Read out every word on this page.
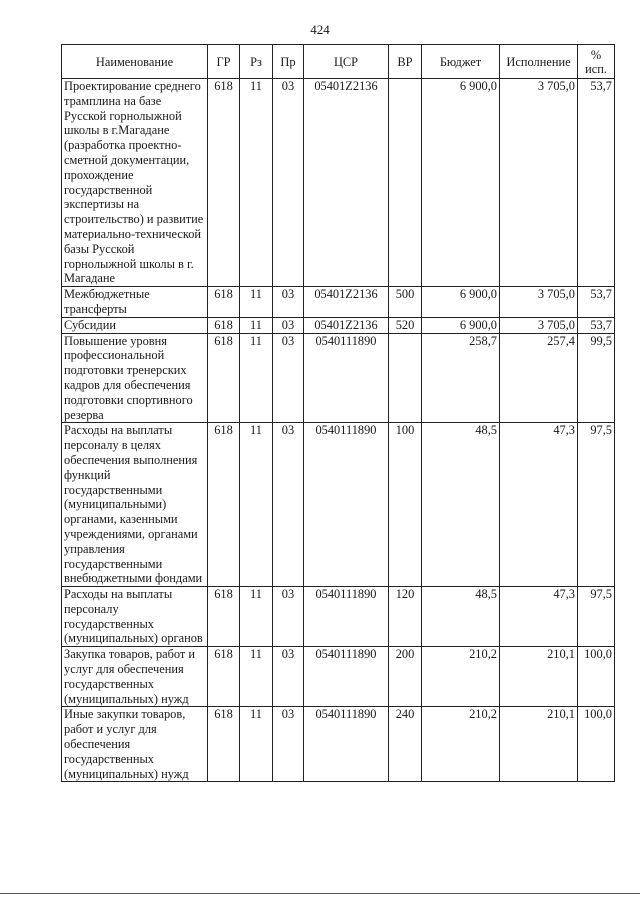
424
Наименование	ГР	Рз	Пр	ЦСР	ВР	Бюджет	Исполнение	% исп.
Проектирование среднего трамплина на базе Русской горнолыжной школы в г.Магадане (разработка проектно-сметной документации, прохождение государственной экспертизы на строительство) и развитие материально-технической базы Русской горнолыжной школы в г. Магадане	618	11	03	05401Z2136		6 900,0	3 705,0	53,7
Межбюджетные трансферты	618	11	03	05401Z2136	500	6 900,0	3 705,0	53,7
Субсидии	618	11	03	05401Z2136	520	6 900,0	3 705,0	53,7
Повышение уровня профессиональной подготовки тренерских кадров для обеспечения подготовки спортивного резерва	618	11	03	0540111890		258,7	257,4	99,5
Расходы на выплаты персоналу в целях обеспечения выполнения функций государственными (муниципальными) органами, казенными учреждениями, органами управления государственными внебюджетными фондами	618	11	03	0540111890	100	48,5	47,3	97,5
Расходы на выплаты персоналу государственных (муниципальных) органов	618	11	03	0540111890	120	48,5	47,3	97,5
Закупка товаров, работ и услуг для обеспечения государственных (муниципальных) нужд	618	11	03	0540111890	200	210,2	210,1	100,0
Иные закупки товаров, работ и услуг для обеспечения государственных (муниципальных) нужд	618	11	03	0540111890	240	210,2	210,1	100,0
